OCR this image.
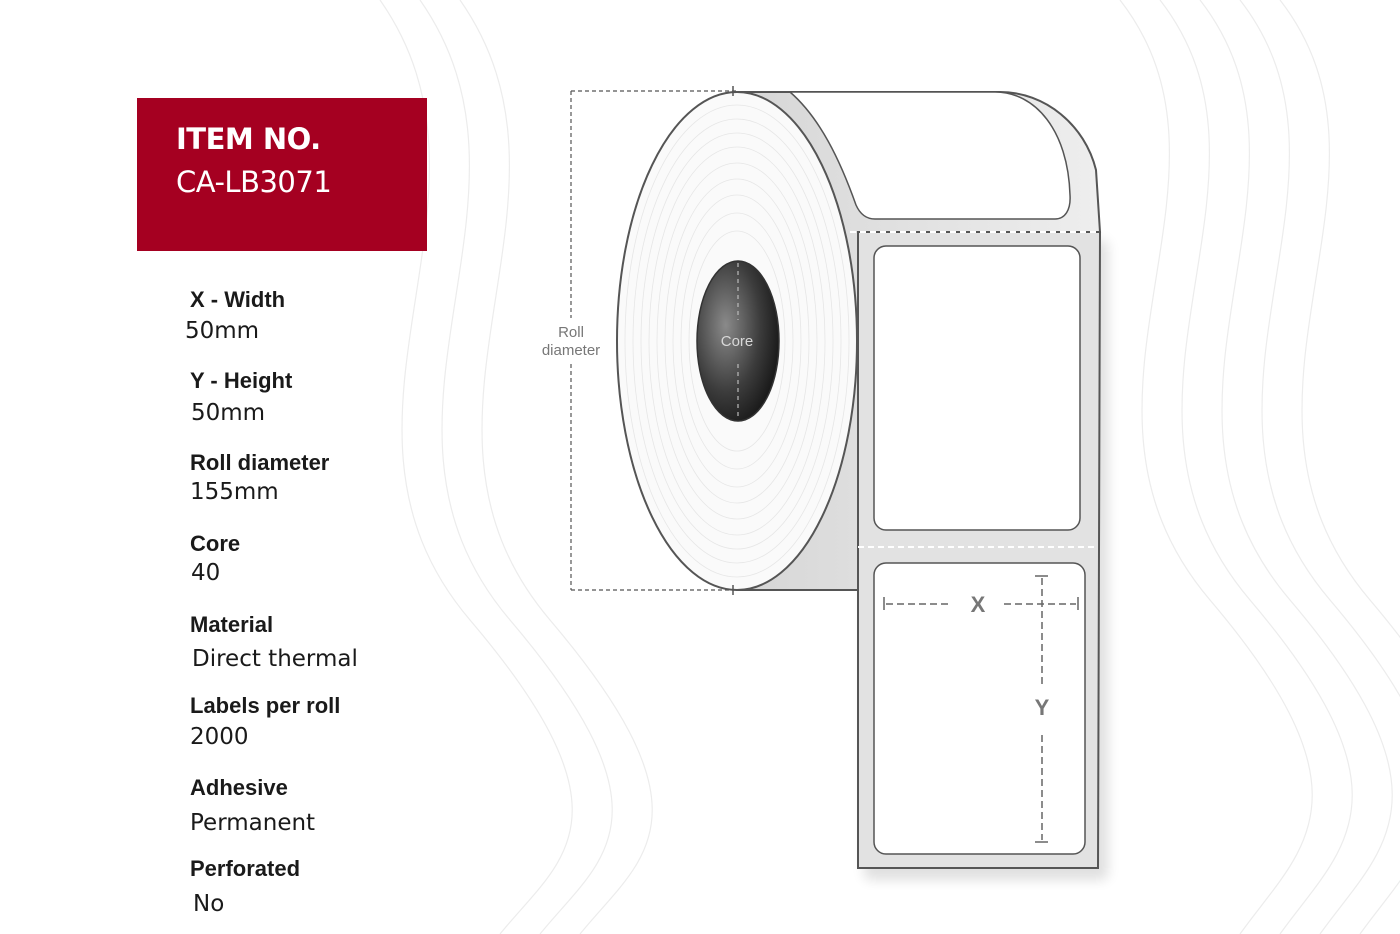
ITEM NO.
CA-LB3071
X - Width
50mm
Y - Height
50mm
Roll diameter
155mm
Core
40
Material
Direct thermal
Labels per roll
2000
Adhesive
Permanent
Perforated
No
Core
Roll
diameter
X
Y
